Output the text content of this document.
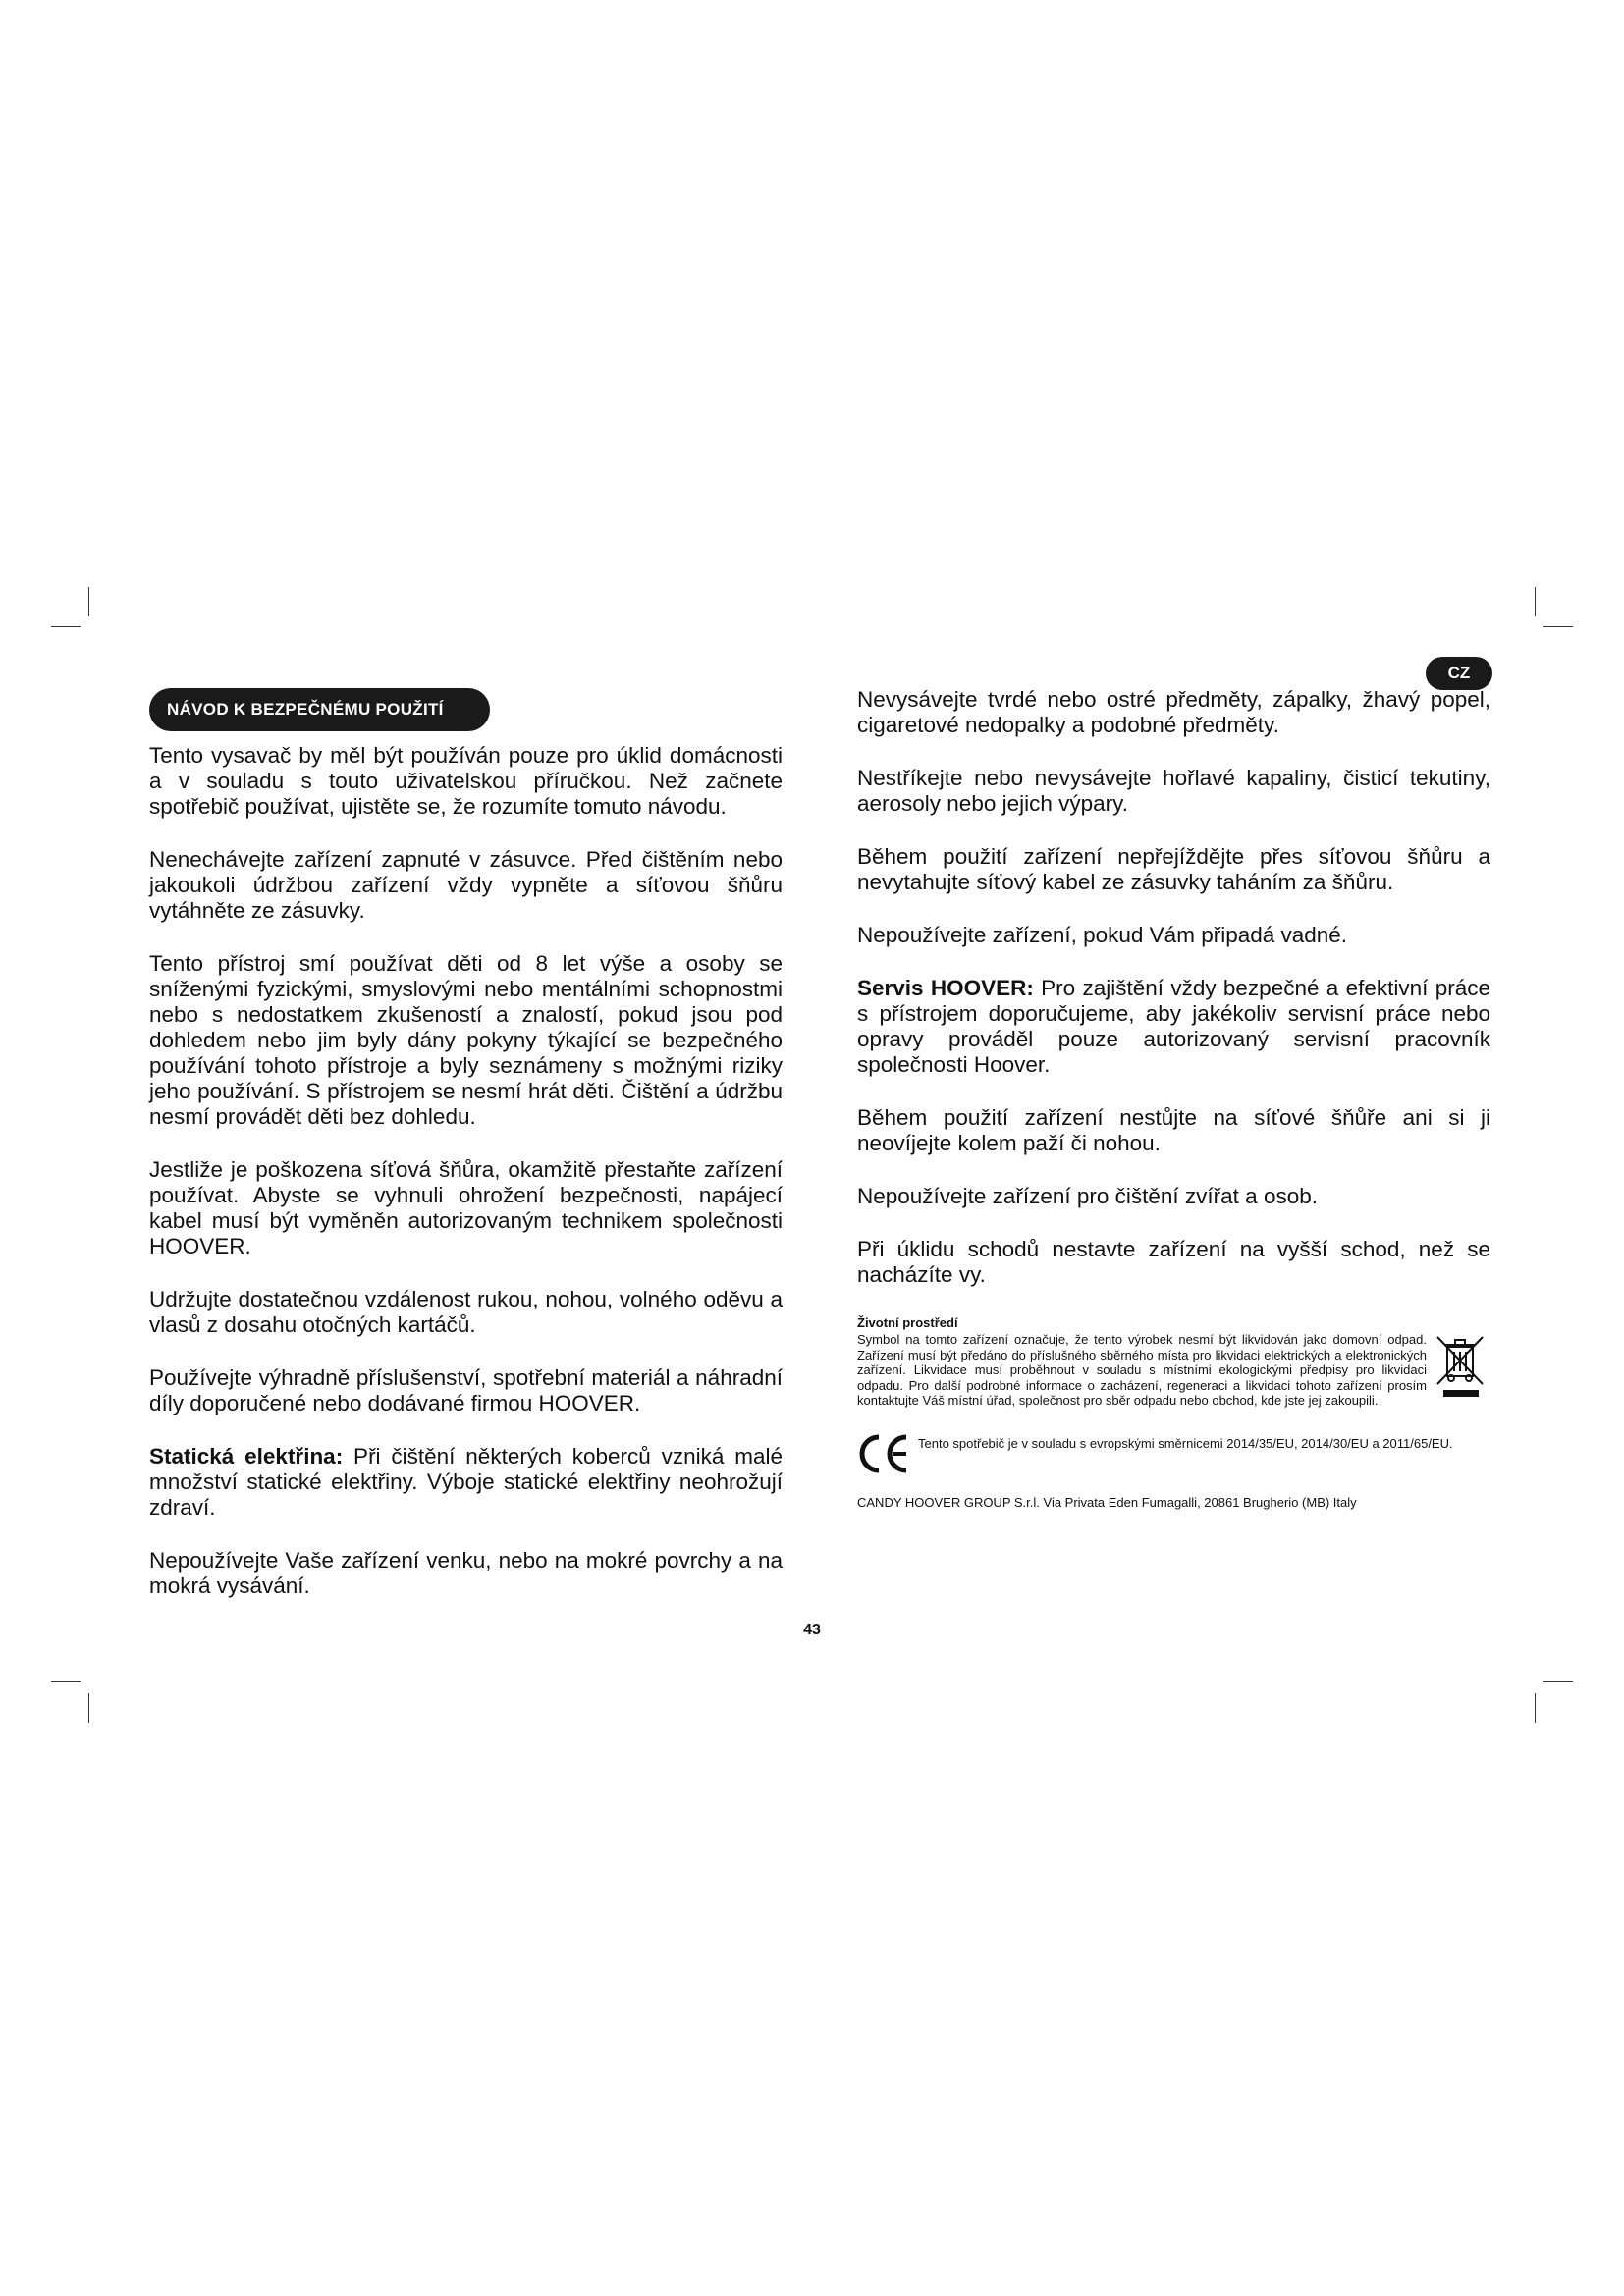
NÁVOD K BEZPEČNÉMU POUŽITÍ
CZ

Tento vysavač by měl být používán pouze pro úklid domácnosti a v souladu s touto uživatelskou příručkou. Než začnete spotřebič používat, ujistěte se, že rozumíte tomuto návodu.

Nenechávejte zařízení zapnuté v zásuvce. Před čištěním nebo jakoukoli údržbou zařízení vždy vypněte a síťovou šňůru vytáhněte ze zásuvky.

Tento přístroj smí používat děti od 8 let výše a osoby se sníženými fyzickými, smyslovými nebo mentálními schopnostmi nebo s nedostatkem zkušeností a znalostí, pokud jsou pod dohledem nebo jim byly dány pokyny týkající se bezpečného používání tohoto přístroje a byly seznámeny s možnými riziky jeho používání. S přístrojem se nesmí hrát děti. Čištění a údržbu nesmí provádět děti bez dohledu.

Jestliže je poškozena síťová šňůra, okamžitě přestaňte zařízení používat. Abyste se vyhnuli ohrožení bezpečnosti, napájecí kabel musí být vyměněn autorizovaným technikem společnosti HOOVER.

Udržujte dostatečnou vzdálenost rukou, nohou, volného oděvu a vlasů z dosahu otočných kartáčů.

Používejte výhradně příslušenství, spotřební materiál a náhradní díly doporučené nebo dodávané firmou HOOVER.

Statická elektřina: Při čištění některých koberců vzniká malé množství statické elektřiny. Výboje statické elektřiny neohrožují zdraví.

Nepoužívejte Vaše zařízení venku, nebo na mokré povrchy a na mokrá vysávání.

Nevysávejte tvrdé nebo ostré předměty, zápalky, žhavý popel, cigaretové nedopalky a podobné předměty.

Nestříkejte nebo nevysávejte hořlavé kapaliny, čisticí tekutiny, aerosoly nebo jejich výpary.

Během použití zařízení nepřejíždějte přes síťovou šňůru a nevytahujte síťový kabel ze zásuvky taháním za šňůru.

Nepoužívejte zařízení, pokud Vám připadá vadné.

Servis HOOVER: Pro zajištění vždy bezpečné a efektivní práce s přístrojem doporučujeme, aby jakékoliv servisní práce nebo opravy prováděl pouze autorizovaný servisní pracovník společnosti Hoover.

Během použití zařízení nestůjte na síťové šňůře ani si ji neovíjejte kolem paží či nohou.

Nepoužívejte zařízení pro čištění zvířat a osob.

Při úklidu schodů nestavte zařízení na vyšší schod, než se nacházíte vy.

Životní prostředí

Symbol na tomto zařízení označuje, že tento výrobek nesmí být likvidován jako domovní odpad. Zařízení musí být předáno do příslušného sběrného místa pro likvidaci elektrických a elektronických zařízení. Likvidace musí proběhnout v souladu s místními ekologickými předpisy pro likvidaci odpadu. Pro další podrobné informace o zacházení, regeneraci a likvidaci tohoto zařízení prosím kontaktujte Váš místní úřad, společnost pro sběr odpadu nebo obchod, kde jste jej zakoupili.

Tento spotřebič je v souladu s evropskými směrnicemi 2014/35/EU, 2014/30/EU a 2011/65/EU.
CANDY HOOVER GROUP S.r.l. Via Privata Eden Fumagalli, 20861 Brugherio (MB) Italy
43
